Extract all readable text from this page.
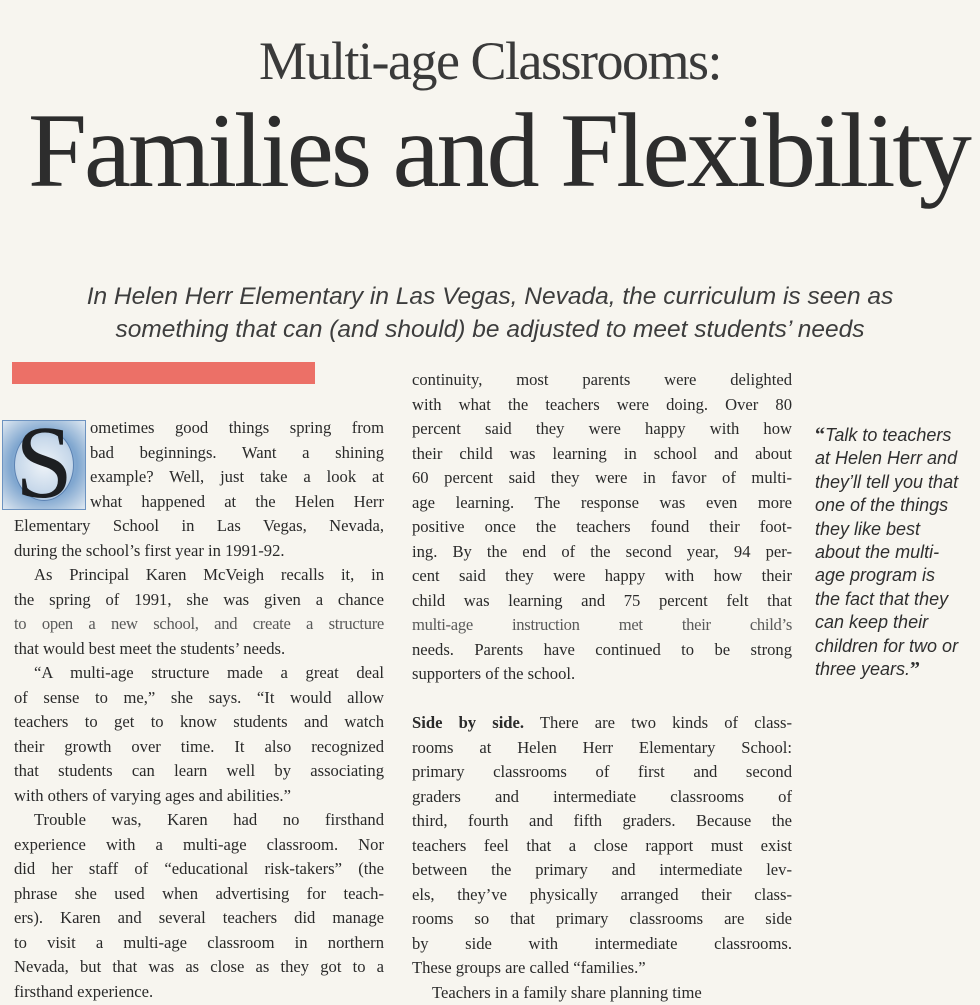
Multi-age Classrooms:
Families and Flexibility
In Helen Herr Elementary in Las Vegas, Nevada, the curriculum is seen as
something that can (and should) be adjusted to meet students’ needs
S	ometimes good things spring from
bad beginnings. Want a shining
example? Well, just take a look at
what happened at the Helen Herr
Elementary School in Las Vegas, Nevada,
during the school’s first year in 1991-92.
As Principal Karen McVeigh recalls it, in
the spring of 1991, she was given a chance
to open a new school, and create a structure
that would best meet the students’ needs.
“A multi-age structure made a great deal
of sense to me,” she says. “It would allow
teachers to get to know students and watch
their growth over time. It also recognized
that students can learn well by associating
with others of varying ages and abilities.”
Trouble was, Karen had no firsthand
experience with a multi-age classroom. Nor
did her staff of “educational risk-takers” (the
phrase she used when advertising for teach-
ers). Karen and several teachers did manage
to visit a multi-age classroom in northern
Nevada, but that was as close as they got to a
firsthand experience.
continuity, most parents were delighted
with what the teachers were doing. Over 80
percent said they were happy with how
their child was learning in school and about
60 percent said they were in favor of multi-
age learning. The response was even more
positive once the teachers found their foot-
ing. By the end of the second year, 94 per-
cent said they were happy with how their
child was learning and 75 percent felt that
multi-age instruction met their child’s
needs. Parents have continued to be strong
supporters of the school.

Side by side. There are two kinds of class-
rooms at Helen Herr Elementary School:
primary classrooms of first and second
graders and intermediate classrooms of
third, fourth and fifth graders. Because the
teachers feel that a close rapport must exist
between the primary and intermediate lev-
els, they’ve physically arranged their class-
rooms so that primary classrooms are side
by side with intermediate classrooms.
These groups are called “families.”
Teachers in a family share planning time
“Talk to teachers
at Helen Herr and
they’ll tell you that
one of the things
they like best
about the multi-
age program is
the fact that they
can keep their
children for two or
three years.”
